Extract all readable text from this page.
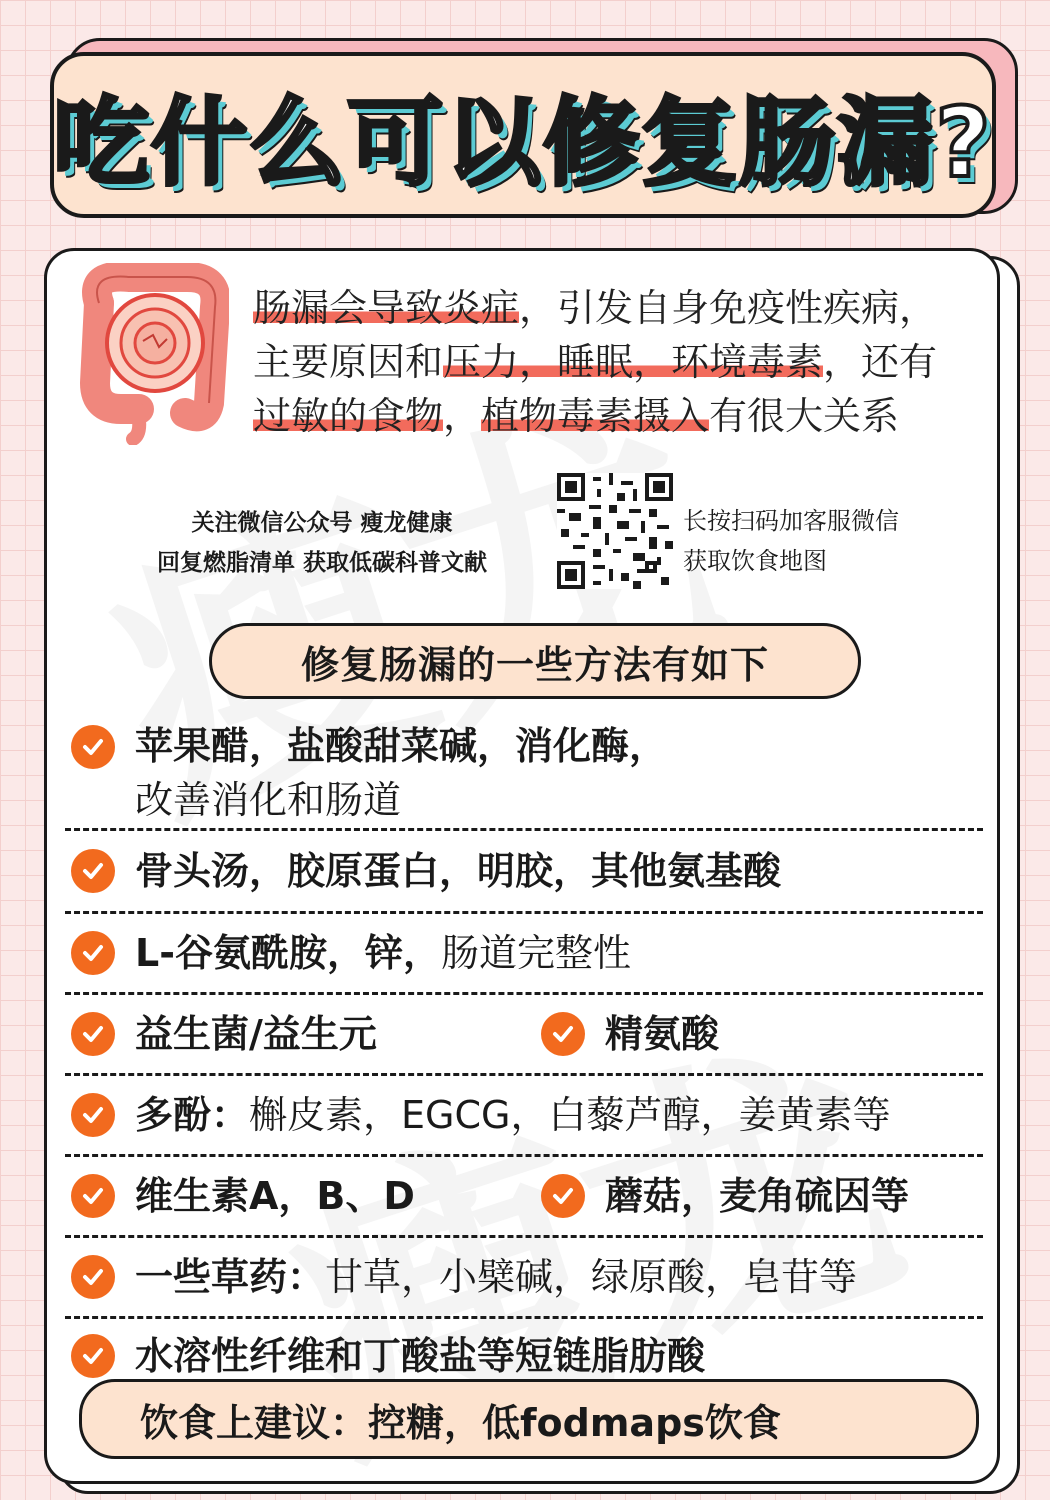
吃什么可以修复肠漏?
肠漏会导致炎症，引发自身免疫性疾病，
主要原因和压力，睡眠，环境毒素，还有
过敏的食物，植物毒素摄入有很大关系
关注微信公众号 瘦龙健康
回复燃脂清单 获取低碳科普文献
长按扫码加客服微信
获取饮食地图
修复肠漏的一些方法有如下
苹果醋，盐酸甜菜碱，消化酶，
改善消化和肠道
骨头汤，胶原蛋白，明胶，其他氨基酸
L-谷氨酰胺，锌， 肠道完整性
益生菌/益生元	精氨酸
多酚： 槲皮素，EGCG，白藜芦醇，姜黄素等
维生素A，B、D	蘑菇，麦角硫因等
一些草药： 甘草，小檗碱，绿原酸，皂苷等
水溶性纤维和丁酸盐等短链脂肪酸
饮食上建议：控糖，低fodmaps饮食
